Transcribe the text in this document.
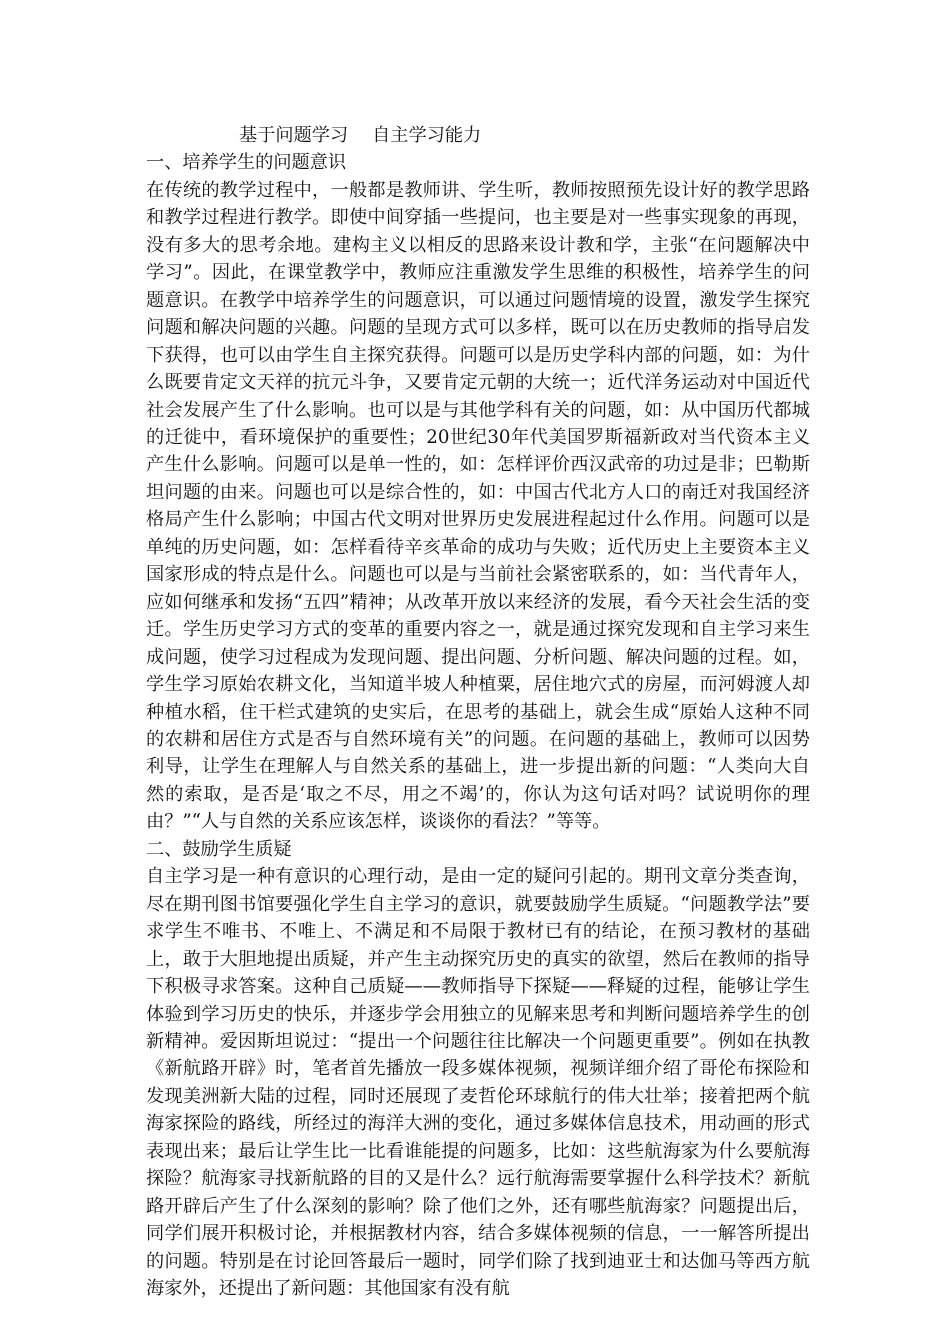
基于问题学习　 自主学习能力
一、培养学生的问题意识

在传统的教学过程中，一般都是教师讲、学生听，教师按照预先设计好的教学思路和教学过程进行教学。即使中间穿插一些提问，也主要是对一些事实现象的再现，没有多大的思考余地。建构主义以相反的思路来设计教和学，主张“在问题解决中学习”。因此，在课堂教学中，教师应注重激发学生思维的积极性，培养学生的问题意识。在教学中培养学生的问题意识，可以通过问题情境的设置，激发学生探究问题和解决问题的兴趣。问题的呈现方式可以多样，既可以在历史教师的指导启发下获得，也可以由学生自主探究获得。问题可以是历史学科内部的问题，如：为什么既要肯定文天祥的抗元斗争，又要肯定元朝的大统一；近代洋务运动对中国近代社会发展产生了什么影响。也可以是与其他学科有关的问题，如：从中国历代都城的迁徙中，看环境保护的重要性；20世纪30年代美国罗斯福新政对当代资本主义产生什么影响。问题可以是单一性的，如：怎样评价西汉武帝的功过是非；巴勒斯坦问题的由来。问题也可以是综合性的，如：中国古代北方人口的南迁对我国经济格局产生什么影响；中国古代文明对世界历史发展进程起过什么作用。问题可以是单纯的历史问题，如：怎样看待辛亥革命的成功与失败；近代历史上主要资本主义国家形成的特点是什么。问题也可以是与当前社会紧密联系的，如：当代青年人，应如何继承和发扬“五四”精神；从改革开放以来经济的发展，看今天社会生活的变迁。学生历史学习方式的变革的重要内容之一，就是通过探究发现和自主学习来生成问题，使学习过程成为发现问题、提出问题、分析问题、解决问题的过程。如，学生学习原始农耕文化，当知道半坡人种植粟，居住地穴式的房屋，而河姆渡人却种植水稻，住干栏式建筑的史实后，在思考的基础上，就会生成“原始人这种不同的农耕和居住方式是否与自然环境有关”的问题。在问题的基础上，教师可以因势利导，让学生在理解人与自然关系的基础上，进一步提出新的问题：“人类向大自然的索取，是否是‘取之不尽，用之不竭’的，你认为这句话对吗？试说明你的理由？”“人与自然的关系应该怎样，谈谈你的看法？”等等。

二、鼓励学生质疑

自主学习是一种有意识的心理行动，是由一定的疑问引起的。期刊文章分类查询，尽在期刊图书馆要强化学生自主学习的意识，就要鼓励学生质疑。“问题教学法”要求学生不唯书、不唯上、不满足和不局限于教材已有的结论，在预习教材的基础上，敢于大胆地提出质疑，并产生主动探究历史的真实的欲望，然后在教师的指导下积极寻求答案。这种自己质疑——教师指导下探疑——释疑的过程，能够让学生体验到学习历史的快乐，并逐步学会用独立的见解来思考和判断问题培养学生的创新精神。爱因斯坦说过：“提出一个问题往往比解决一个问题更重要”。例如在执教《新航路开辟》时，笔者首先播放一段多媒体视频，视频详细介绍了哥伦布探险和发现美洲新大陆的过程，同时还展现了麦哲伦环球航行的伟大壮举；接着把两个航海家探险的路线，所经过的海洋大洲的变化，通过多媒体信息技术，用动画的形式表现出来；最后让学生比一比看谁能提的问题多，比如：这些航海家为什么要航海探险？航海家寻找新航路的目的又是什么？远行航海需要掌握什么科学技术？新航路开辟后产生了什么深刻的影响？除了他们之外，还有哪些航海家？问题提出后，同学们展开积极讨论，并根据教材内容，结合多媒体视频的信息，一一解答所提出的问题。特别是在讨论回答最后一题时，同学们除了找到迪亚士和达伽马等西方航海家外，还提出了新问题：其他国家有没有航
